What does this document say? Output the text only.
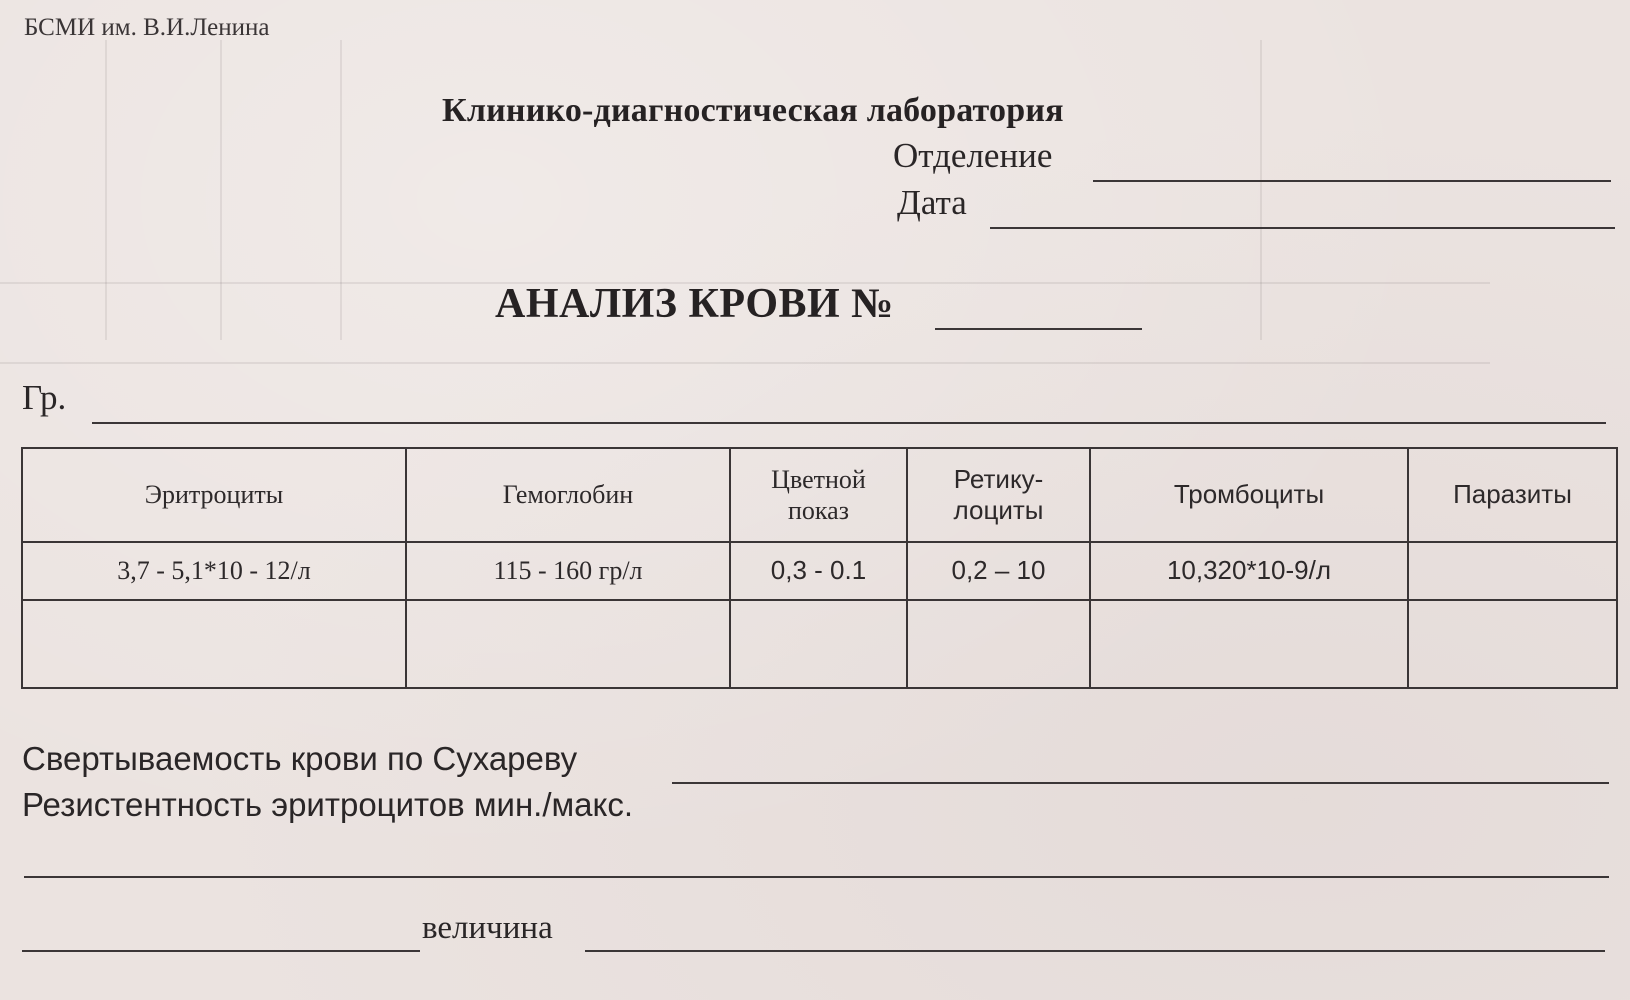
БСМИ им. В.И.Ленина
Клинико-диагностическая лаборатория
Отделение
Дата
АНАЛИЗ КРОВИ №
Гр.
Эритроциты	Гемоглобин	Цветной показ	Ретику-лоциты	Тромбоциты	Паразиты
3,7 - 5,1*10 - 12/л	115 - 160 гр/л	0,3 - 0.1	0,2 – 10	10,320*10-9/л	

Свертываемость крови по Сухареву
Резистентность эритроцитов мин./макс.
величина
